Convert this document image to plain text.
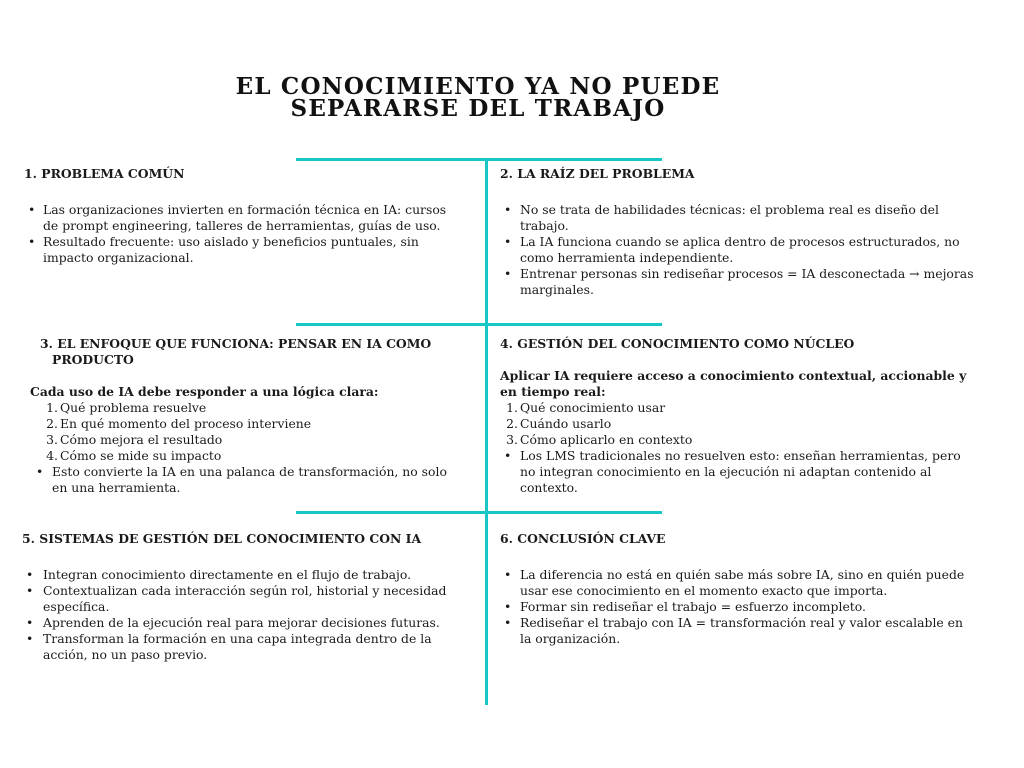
EL CONOCIMIENTO YA NO PUEDE
SEPARARSE DEL TRABAJO
1. PROBLEMA COMÚN
• Las organizaciones invierten en formación técnica en IA: cursos de prompt engineering, talleres de herramientas, guías de uso.
• Resultado frecuente: uso aislado y beneficios puntuales, sin impacto organizacional.
2. LA RAÍZ DEL PROBLEMA
• No se trata de habilidades técnicas: el problema real es diseño del trabajo.
• La IA funciona cuando se aplica dentro de procesos estructurados, no como herramienta independiente.
• Entrenar personas sin rediseñar procesos = IA desconectada → mejoras marginales.
3. EL ENFOQUE QUE FUNCIONA: PENSAR EN IA COMO
PRODUCTO
Cada uso de IA debe responder a una lógica clara:
1. Qué problema resuelve
2. En qué momento del proceso interviene
3. Cómo mejora el resultado
4. Cómo se mide su impacto
• Esto convierte la IA en una palanca de transformación, no solo en una herramienta.
4. GESTIÓN DEL CONOCIMIENTO COMO NÚCLEO
Aplicar IA requiere acceso a conocimiento contextual, accionable y en tiempo real:
1. Qué conocimiento usar
2. Cuándo usarlo
3. Cómo aplicarlo en contexto
• Los LMS tradicionales no resuelven esto: enseñan herramientas, pero no integran conocimiento en la ejecución ni adaptan contenido al contexto.
5. SISTEMAS DE GESTIÓN DEL CONOCIMIENTO CON IA
• Integran conocimiento directamente en el flujo de trabajo.
• Contextualizan cada interacción según rol, historial y necesidad específica.
• Aprenden de la ejecución real para mejorar decisiones futuras.
• Transforman la formación en una capa integrada dentro de la acción, no un paso previo.
6. CONCLUSIÓN CLAVE
• La diferencia no está en quién sabe más sobre IA, sino en quién puede usar ese conocimiento en el momento exacto que importa.
• Formar sin rediseñar el trabajo = esfuerzo incompleto.
• Rediseñar el trabajo con IA = transformación real y valor escalable en la organización.
